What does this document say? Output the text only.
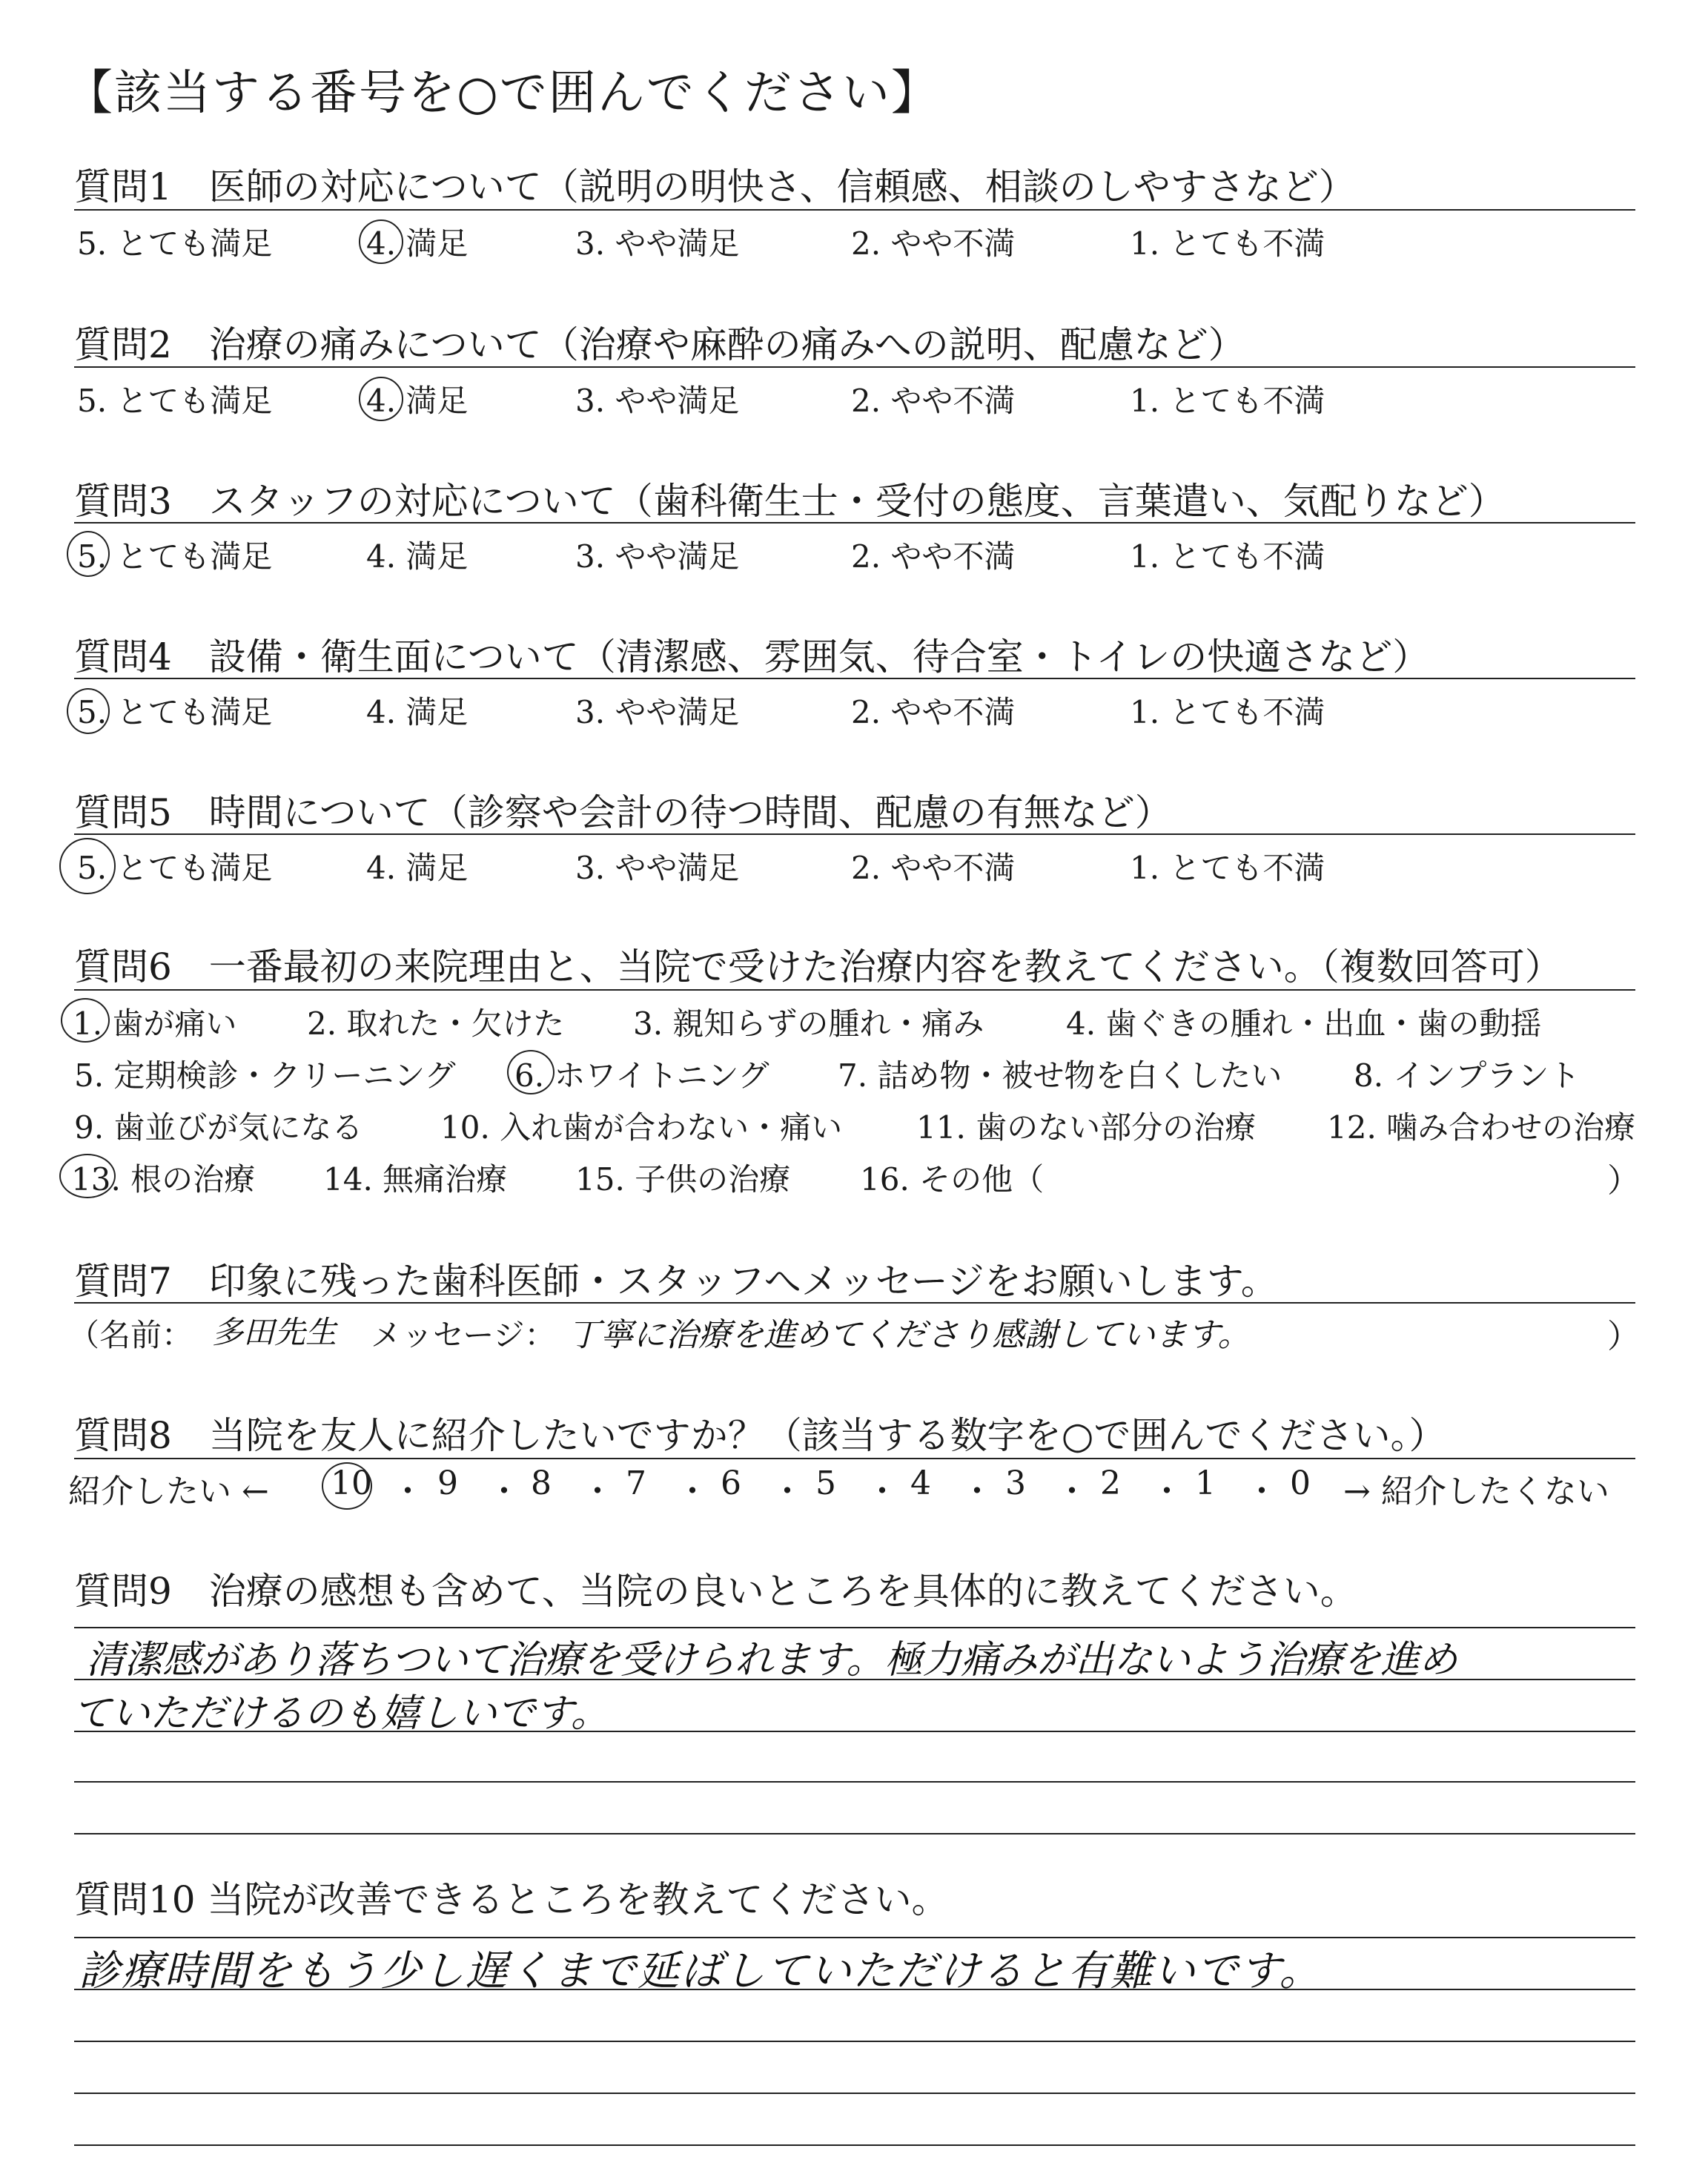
【該当する番号を○で囲んでください】
質問1　医師の対応について（説明の明快さ、信頼感、相談のしやすさなど）
5. とても満足	4. 満足	3. やや満足	2. やや不満	1. とても不満
質問2　治療の痛みについて（治療や麻酔の痛みへの説明、配慮など）
5. とても満足	4. 満足	3. やや満足	2. やや不満	1. とても不満
質問3　スタッフの対応について（歯科衛生士・受付の態度、言葉遣い、気配りなど）
5. とても満足	4. 満足	3. やや満足	2. やや不満	1. とても不満
質問4　設備・衛生面について（清潔感、雰囲気、待合室・トイレの快適さなど）
5. とても満足	4. 満足	3. やや満足	2. やや不満	1. とても不満
質問5　時間について（診察や会計の待つ時間、配慮の有無など）
5. とても満足	4. 満足	3. やや満足	2. やや不満	1. とても不満
質問6　一番最初の来院理由と、当院で受けた治療内容を教えてください。（複数回答可）
1. 歯が痛い 2. 取れた・欠けた 3. 親知らずの腫れ・痛み	4. 歯ぐきの腫れ・出血・歯の動揺
5. 定期検診・クリーニング 6. ホワイトニング 7. 詰め物・被せ物を白くしたい 8. インプラント
9. 歯並びが気になる 10. 入れ歯が合わない・痛い 11. 歯のない部分の治療 12. 噛み合わせの治療
13. 根の治療 14. 無痛治療 15. 子供の治療 16. その他（	）
質問7　印象に残った歯科医師・スタッフへメッセージをお願いします。
（名前： 多田先生 メッセージ： 丁寧に治療を進めてくださり感謝しています。	）
質問8　当院を友人に紹介したいですか？（該当する数字を○で囲んでください。）
紹介したい ← 10 ・ 9 ・ 8 ・ 7 ・ 6 ・ 5 ・ 4 ・ 3 ・ 2 ・ 1 ・ 0 → 紹介したくない
質問9　治療の感想も含めて、当院の良いところを具体的に教えてください。
清潔感があり落ちついて治療を受けられます。極力痛みが出ないよう治療を進め
ていただけるのも嬉しいです。
質問10 当院が改善できるところを教えてください。
診療時間をもう少し遅くまで延ばしていただけると有難いです。
